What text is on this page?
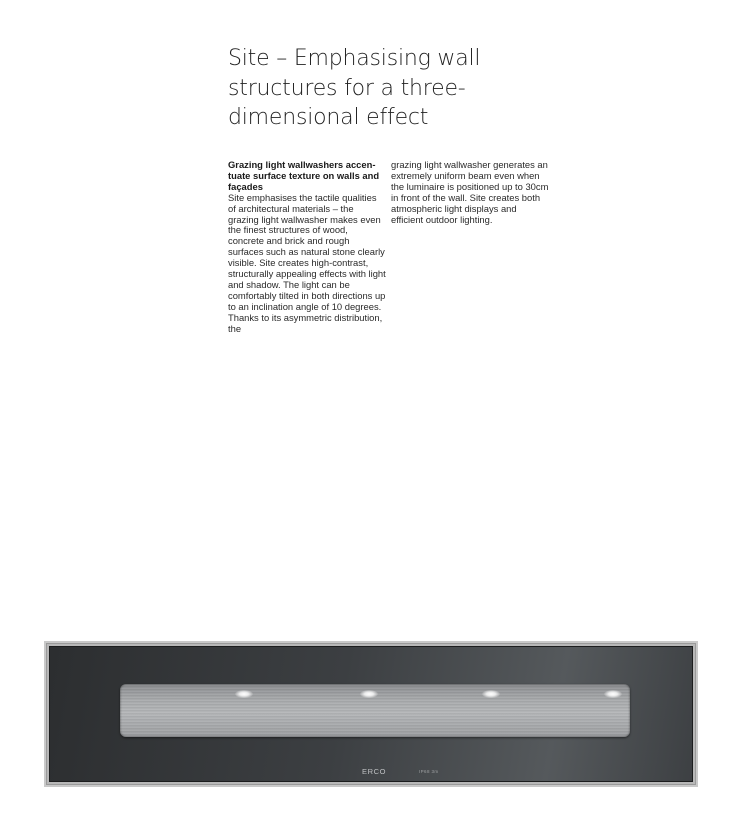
Site – Emphasising wall structures for a three-dimensional effect
Grazing light wallwashers accen-tuate surface texture on walls and façades
Site emphasises the tactile qualities of architectural materials – the grazing light wallwasher makes even the finest structures of wood, concrete and brick and rough surfaces such as natural stone clearly visible. Site creates high-contrast, structurally appealing effects with light and shadow. The light can be comfortably tilted in both directions up to an inclination angle of 10 degrees. Thanks to its asymmetric distribution, the
grazing light wallwasher generates an extremely uniform beam even when the luminaire is positioned up to 30cm in front of the wall. Site creates both atmospheric light displays and efficient outdoor lighting.
ERCO	IP68 3m
